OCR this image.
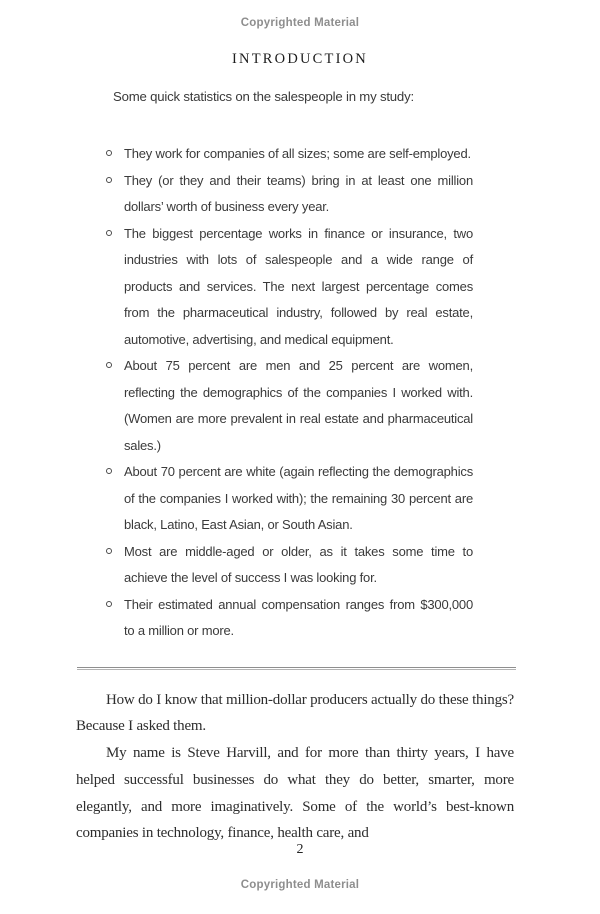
Copyrighted Material
INTRODUCTION

Some quick statistics on the salespeople in my study:

They work for companies of all sizes; some are self-employed.
They (or they and their teams) bring in at least one million dollars’ worth of business every year.
The biggest percentage works in finance or insurance, two industries with lots of salespeople and a wide range of products and services. The next largest percentage comes from the pharmaceutical industry, followed by real estate, automotive, advertising, and medical equipment.
About 75 percent are men and 25 percent are women, reflecting the demographics of the companies I worked with. (Women are more prevalent in real estate and pharmaceutical sales.)
About 70 percent are white (again reflecting the demographics of the companies I worked with); the remaining 30 percent are black, Latino, East Asian, or South Asian.
Most are middle-aged or older, as it takes some time to achieve the level of success I was looking for.
Their estimated annual compensation ranges from $300,000 to a million or more.

How do I know that million-dollar producers actually do these things? Because I asked them.

My name is Steve Harvill, and for more than thirty years, I have helped successful businesses do what they do better, smarter, more elegantly, and more imaginatively. Some of the world’s best-known companies in technology, finance, health care, and

2
Copyrighted Material
